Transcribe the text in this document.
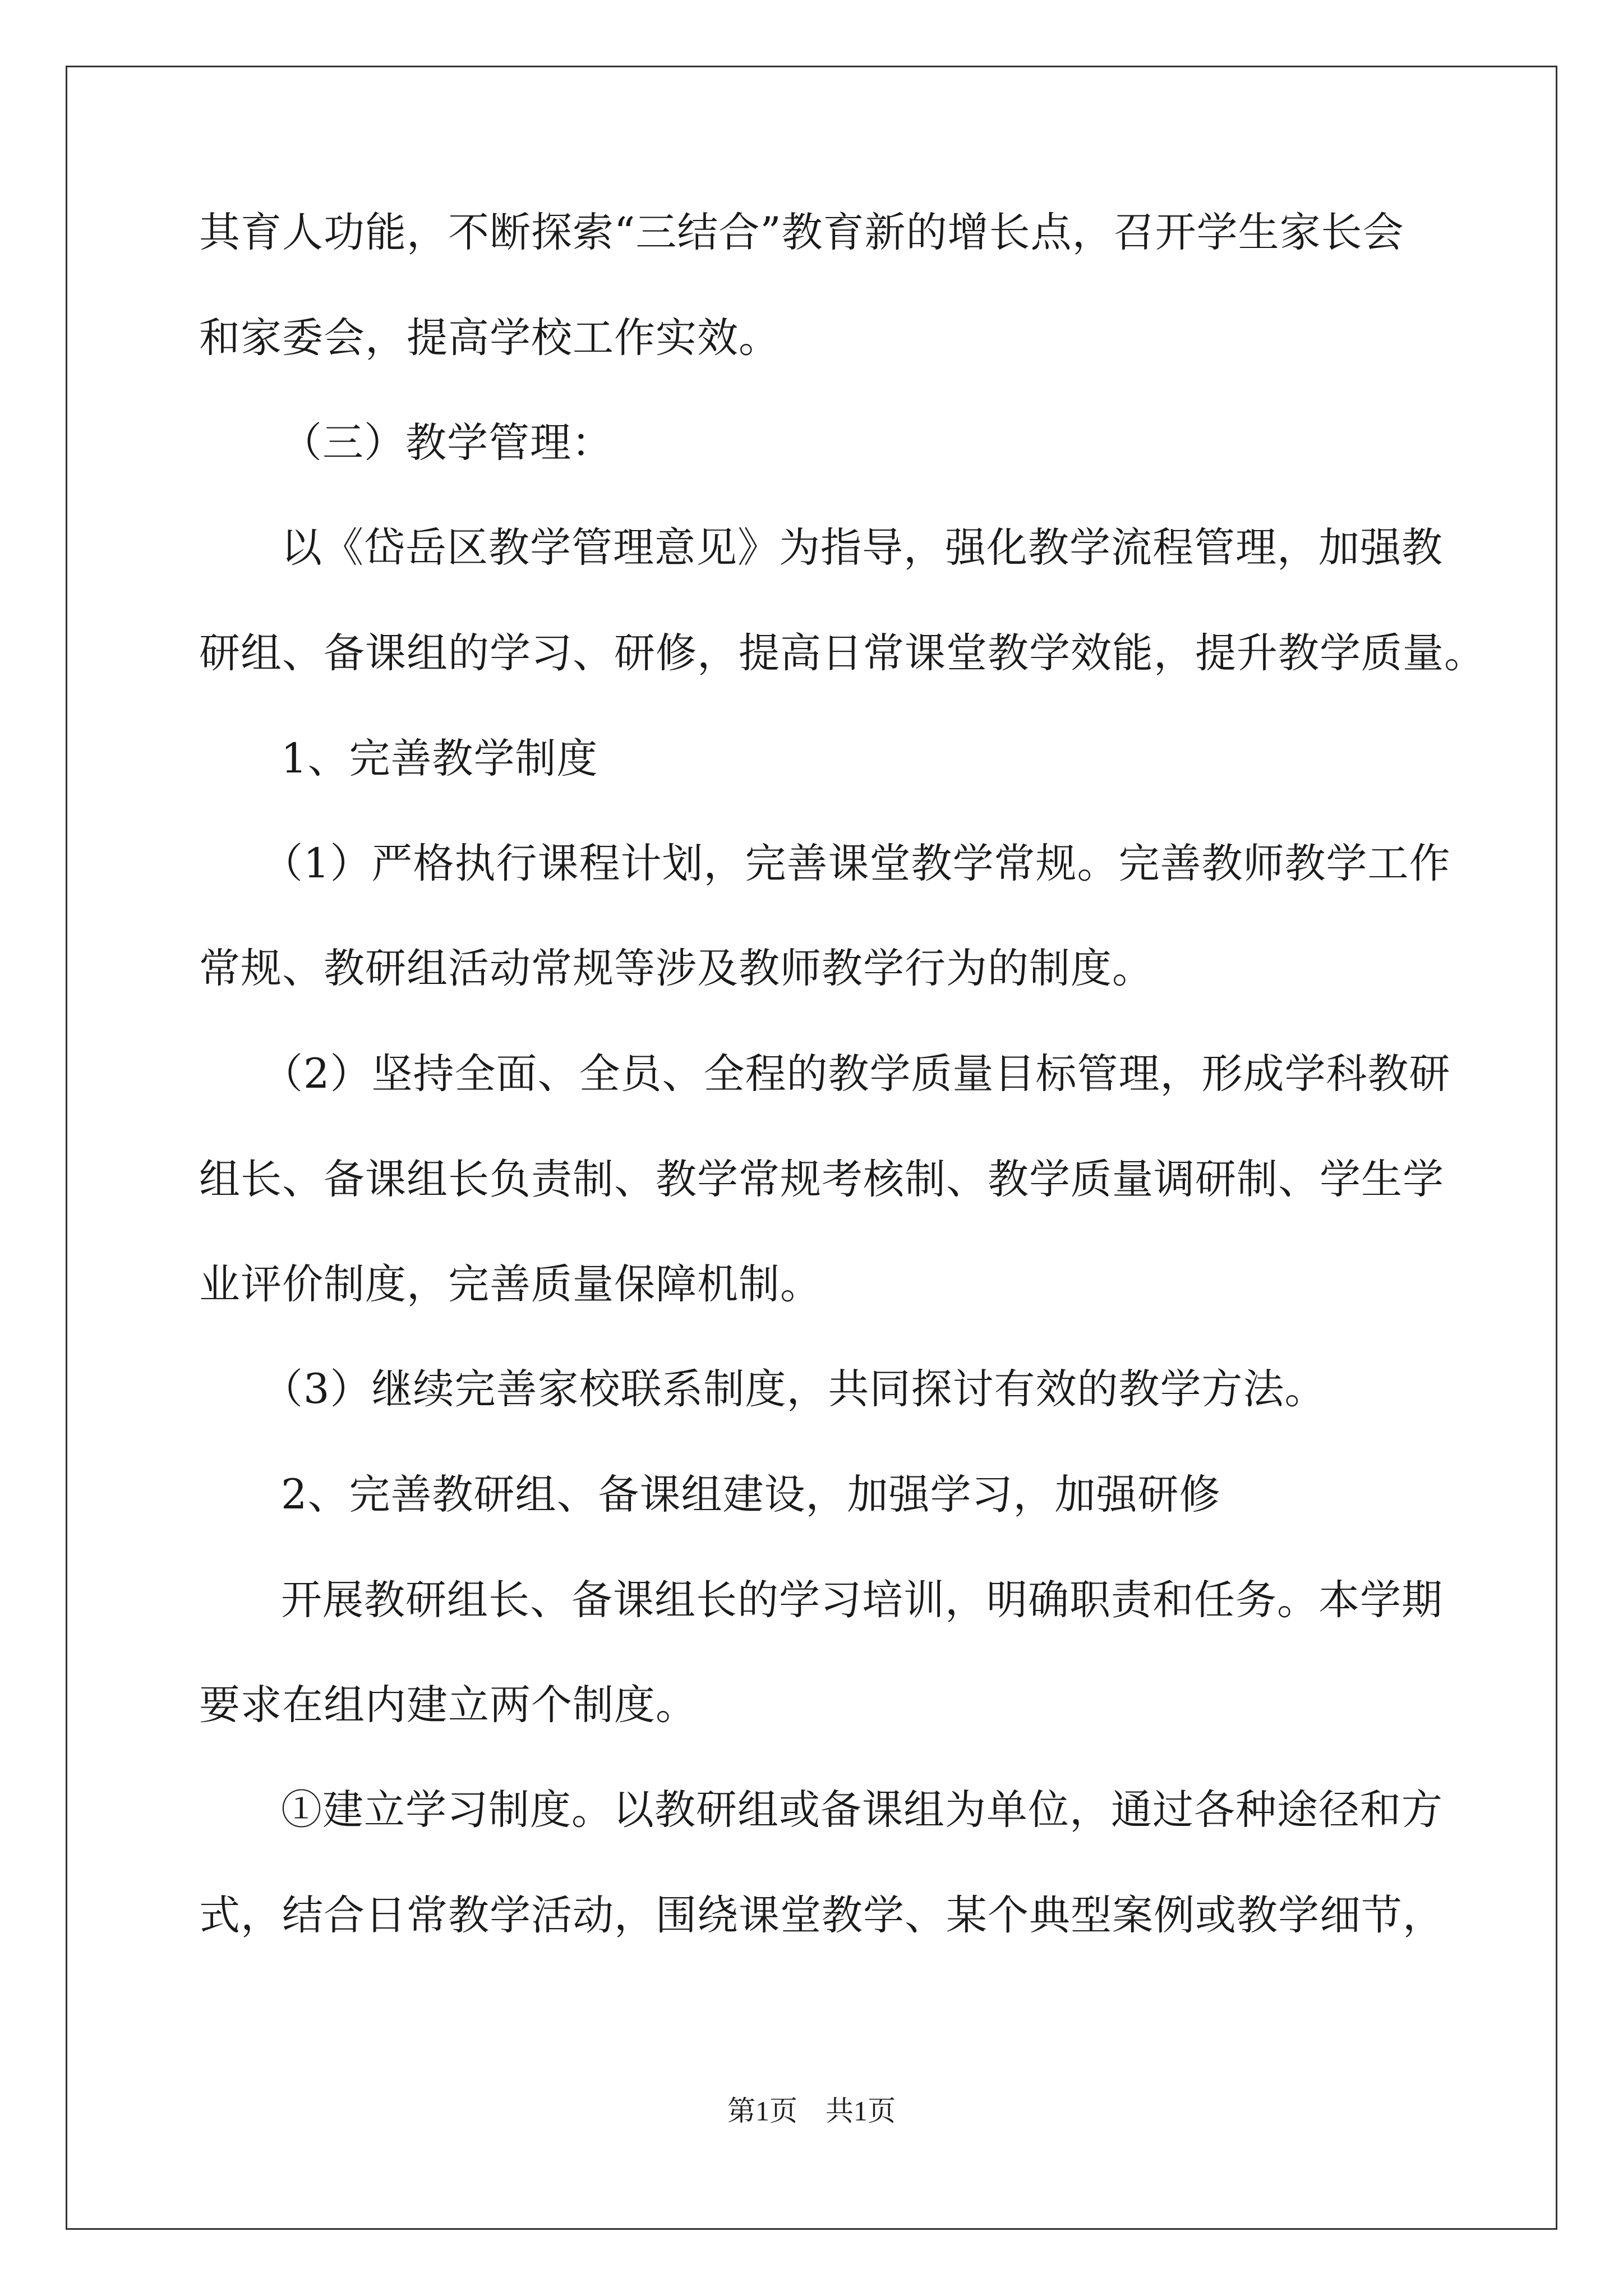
其育人功能，不断探索“三结合”教育新的增长点，召开学生家长会
和家委会，提高学校工作实效。
（三）教学管理：
以《岱岳区教学管理意见》为指导，强化教学流程管理，加强教
研组、备课组的学习、研修，提高日常课堂教学效能，提升教学质量。
1、完善教学制度
（1）严格执行课程计划，完善课堂教学常规。完善教师教学工作
常规、教研组活动常规等涉及教师教学行为的制度。
（2）坚持全面、全员、全程的教学质量目标管理，形成学科教研
组长、备课组长负责制、教学常规考核制、教学质量调研制、学生学
业评价制度，完善质量保障机制。
（3）继续完善家校联系制度，共同探讨有效的教学方法。
2、完善教研组、备课组建设，加强学习，加强研修
开展教研组长、备课组长的学习培训，明确职责和任务。本学期
要求在组内建立两个制度。
①建立学习制度。以教研组或备课组为单位，通过各种途径和方
式，结合日常教学活动，围绕课堂教学、某个典型案例或教学细节，
第1页 共1页
